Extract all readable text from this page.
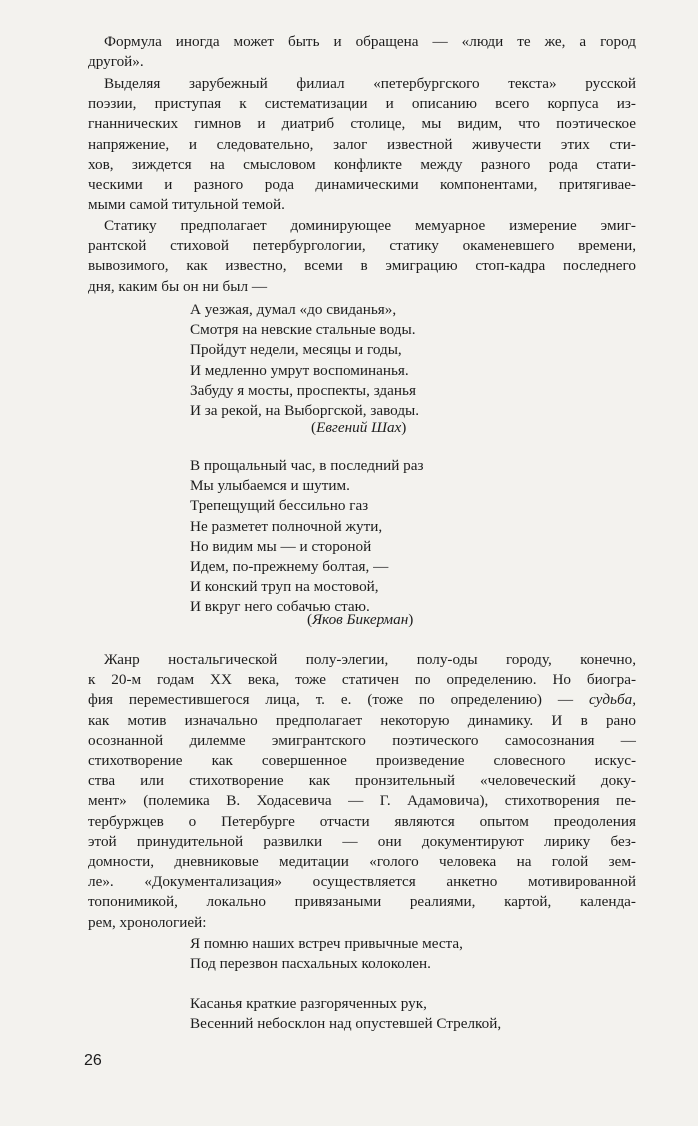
Формула иногда может быть и обращена — «люди те же, а город
другой».
Выделяя зарубежный филиал «петербургского текста» русской
поэзии, приступая к систематизации и описанию всего корпуса из-
гнаннических гимнов и диатриб столице, мы видим, что поэтическое
напряжение, и следовательно, залог известной живучести этих сти-
хов, зиждется на смысловом конфликте между разного рода стати-
ческими и разного рода динамическими компонентами, притягивае-
мыми самой титульной темой.
Статику предполагает доминирующее мемуарное измерение эмиг-
рантской стиховой петербургологии, статику окаменевшего времени,
вывозимого, как известно, всеми в эмиграцию стоп-кадра последнего
дня, каким бы он ни был —
А уезжая, думал «до свиданья»,
Смотря на невские стальные воды.
Пройдут недели, месяцы и годы,
И медленно умрут воспоминанья.
Забуду я мосты, проспекты, зданья
И за рекой, на Выборгской, заводы.
(Евгений Шах)
В прощальный час, в последний раз
Мы улыбаемся и шутим.
Трепещущий бессильно газ
Не разметет полночной жути,
Но видим мы — и стороной
Идем, по-прежнему болтая, —
И конский труп на мостовой,
И вкруг него собачью стаю.
(Яков Бикерман)
Жанр ностальгической полу-элегии, полу-оды городу, конечно,
к 20-м годам XX века, тоже статичен по определению. Но биогра-
фия переместившегося лица, т. е. (тоже по определению) — судьба,
как мотив изначально предполагает некоторую динамику. И в рано
осознанной дилемме эмигрантского поэтического самосознания —
стихотворение как совершенное произведение словесного искус-
ства или стихотворение как пронзительный «человеческий доку-
мент» (полемика В. Ходасевича — Г. Адамовича), стихотворения пе-
тербуржцев о Петербурге отчасти являются опытом преодоления
этой принудительной развилки — они документируют лирику без-
домности, дневниковые медитации «голого человека на голой зем-
ле». «Документализация» осуществляется анкетно мотивированной
топонимикой, локально привязаными реалиями, картой, календа-
рем, хронологией:
Я помню наших встреч привычные места,
Под перезвон пасхальных колоколен.
Касанья краткие разгоряченных рук,
Весенний небосклон над опустевшей Стрелкой,
26
